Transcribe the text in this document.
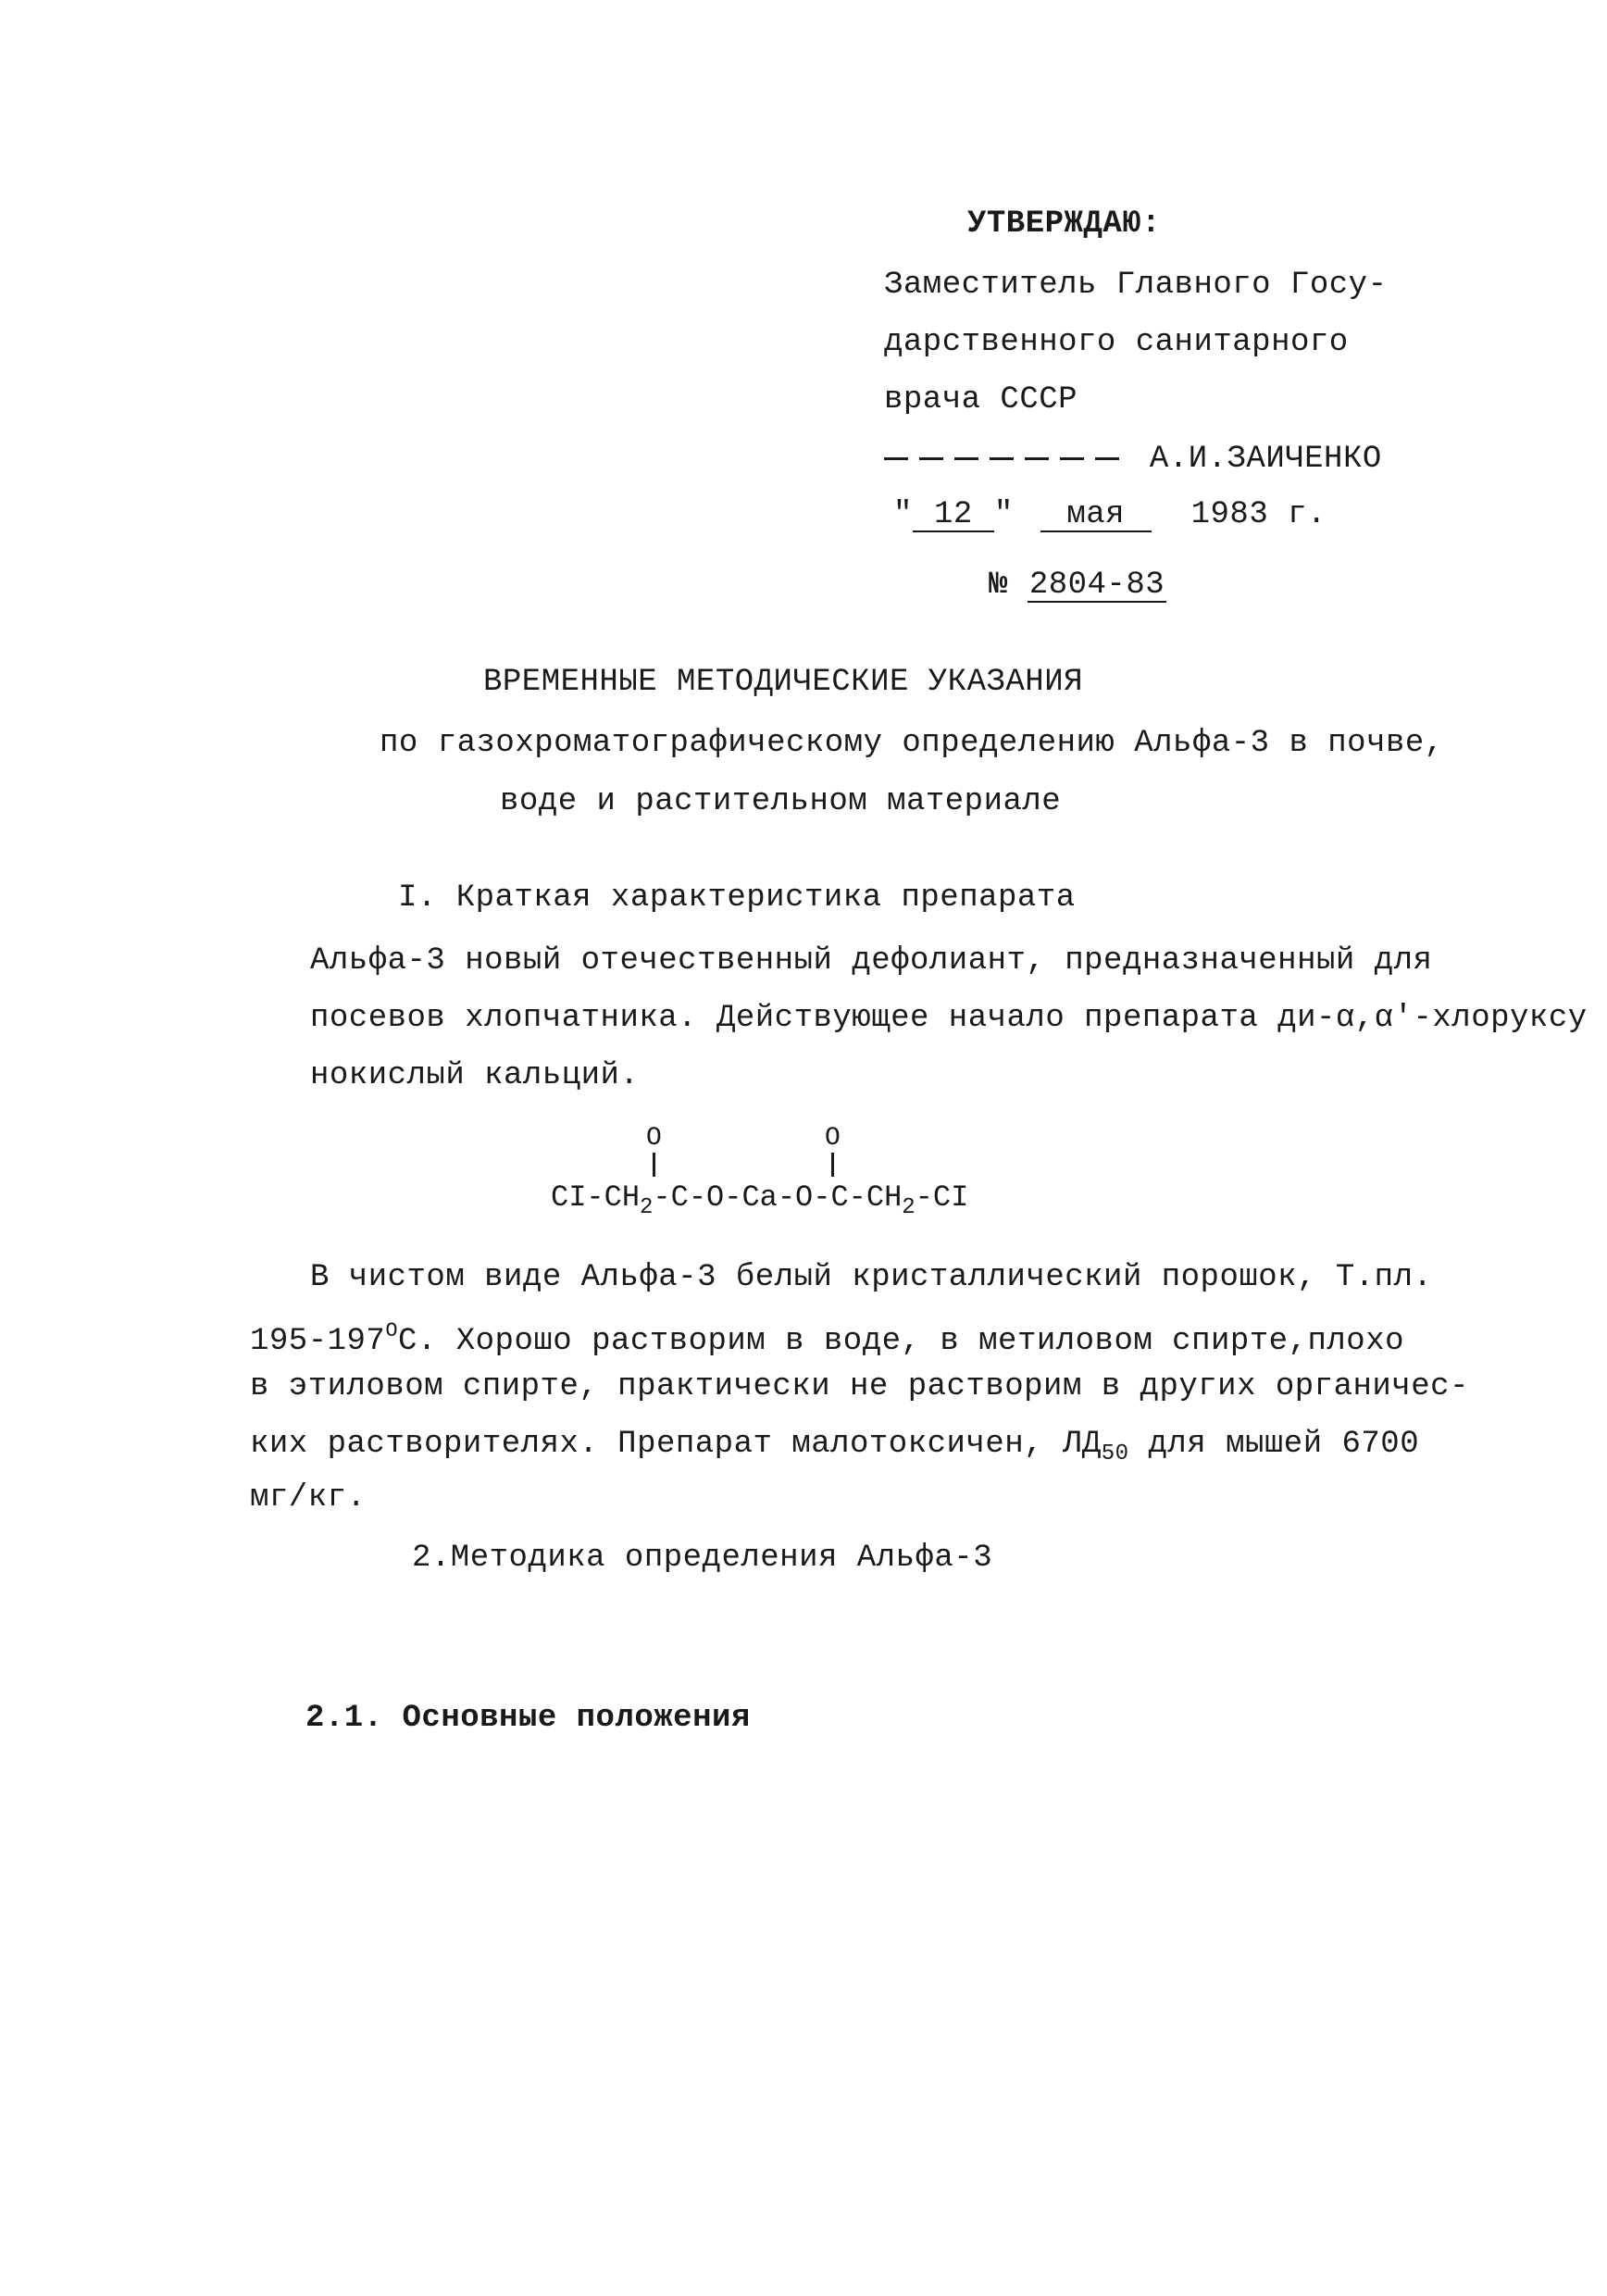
УТВЕРЖДАЮ:
Заместитель Главного Госу-
дарственного санитарного
врача СССР
А.И.ЗАИЧЕНКО
" 12 " мая 1983 г.
№ 2804-83
ВРЕМЕННЫЕ МЕТОДИЧЕСКИЕ УКАЗАНИЯ
по газохроматографическому определению Альфа-3 в почве,
воде и растительном материале
I. Краткая характеристика препарата
Альфа-3 новый отечественный дефолиант, предназначенный для
посевов хлопчатника. Действующее начало препарата ди-α,α'-хлоруксу
нокислый кальций.
O	O
$CI-CH_2-C-O-Ca-O-C-CH_2-CI$
В чистом виде Альфа-3 белый кристаллический порошок, Т.пл.
$195-197^OС$. Хорошо растворим в воде, в метиловом спирте,плохо
в этиловом спирте, практически не растворим в других органичес-
ких растворителях. Препарат малотоксичен, $ЛД_{50}$ для мышей 6700
мг/кг.
2.Методика определения Альфа-3
2.1. Основные положения
